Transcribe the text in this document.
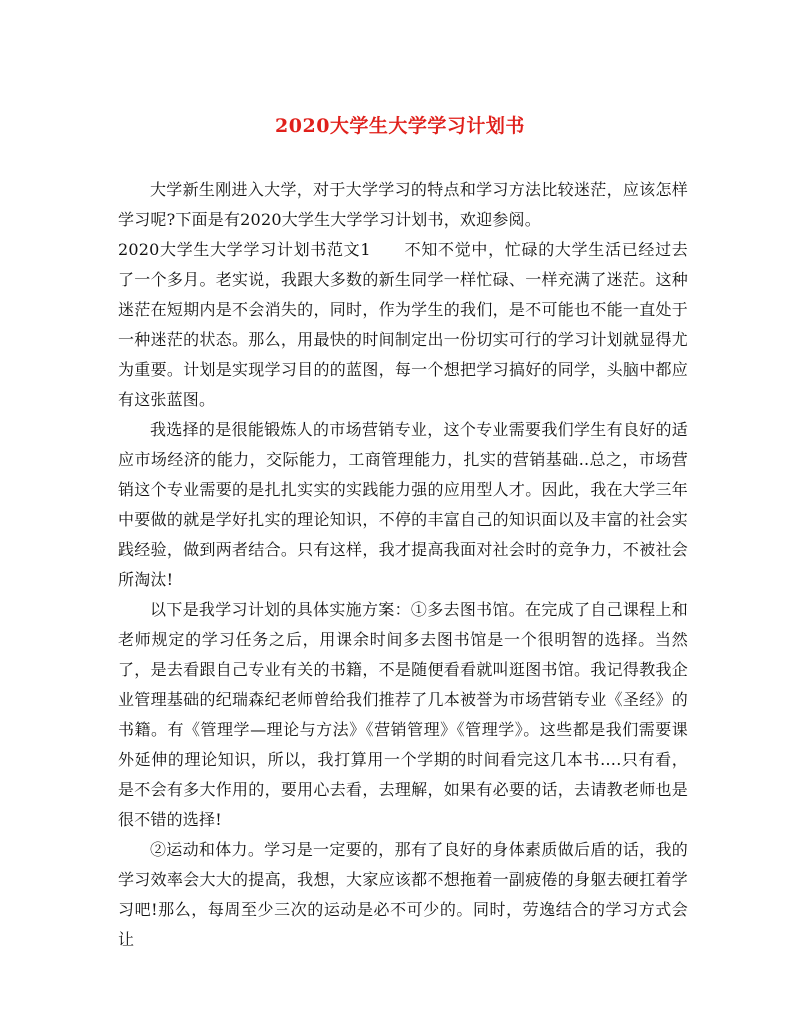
2020大学生大学学习计划书

大学新生刚进入大学，对于大学学习的特点和学习方法比较迷茫，应该怎样学习呢?下面是有2020大学生大学学习计划书，欢迎参阅。

2020大学生大学学习计划书范文1　　不知不觉中，忙碌的大学生活已经过去了一个多月。老实说，我跟大多数的新生同学一样忙碌、一样充满了迷茫。这种迷茫在短期内是不会消失的，同时，作为学生的我们，是不可能也不能一直处于一种迷茫的状态。那么，用最快的时间制定出一份切实可行的学习计划就显得尤为重要。计划是实现学习目的的蓝图，每一个想把学习搞好的同学，头脑中都应有这张蓝图。

我选择的是很能锻炼人的市场营销专业，这个专业需要我们学生有良好的适应市场经济的能力，交际能力，工商管理能力，扎实的营销基础..总之，市场营销这个专业需要的是扎扎实实的实践能力强的应用型人才。因此，我在大学三年中要做的就是学好扎实的理论知识，不停的丰富自己的知识面以及丰富的社会实践经验，做到两者结合。只有这样，我才提高我面对社会时的竞争力，不被社会所淘汰!

以下是我学习计划的具体实施方案：①多去图书馆。在完成了自己课程上和老师规定的学习任务之后，用课余时间多去图书馆是一个很明智的选择。当然了，是去看跟自己专业有关的书籍，不是随便看看就叫逛图书馆。我记得教我企业管理基础的纪瑞森纪老师曾给我们推荐了几本被誉为市场营销专业《圣经》的书籍。有《管理学—理论与方法》《营销管理》《管理学》。这些都是我们需要课外延伸的理论知识，所以，我打算用一个学期的时间看完这几本书….只有看，是不会有多大作用的，要用心去看，去理解，如果有必要的话，去请教老师也是很不错的选择!

②运动和体力。学习是一定要的，那有了良好的身体素质做后盾的话，我的学习效率会大大的提高，我想，大家应该都不想拖着一副疲倦的身躯去硬扛着学习吧!那么，每周至少三次的运动是必不可少的。同时，劳逸结合的学习方式会让
